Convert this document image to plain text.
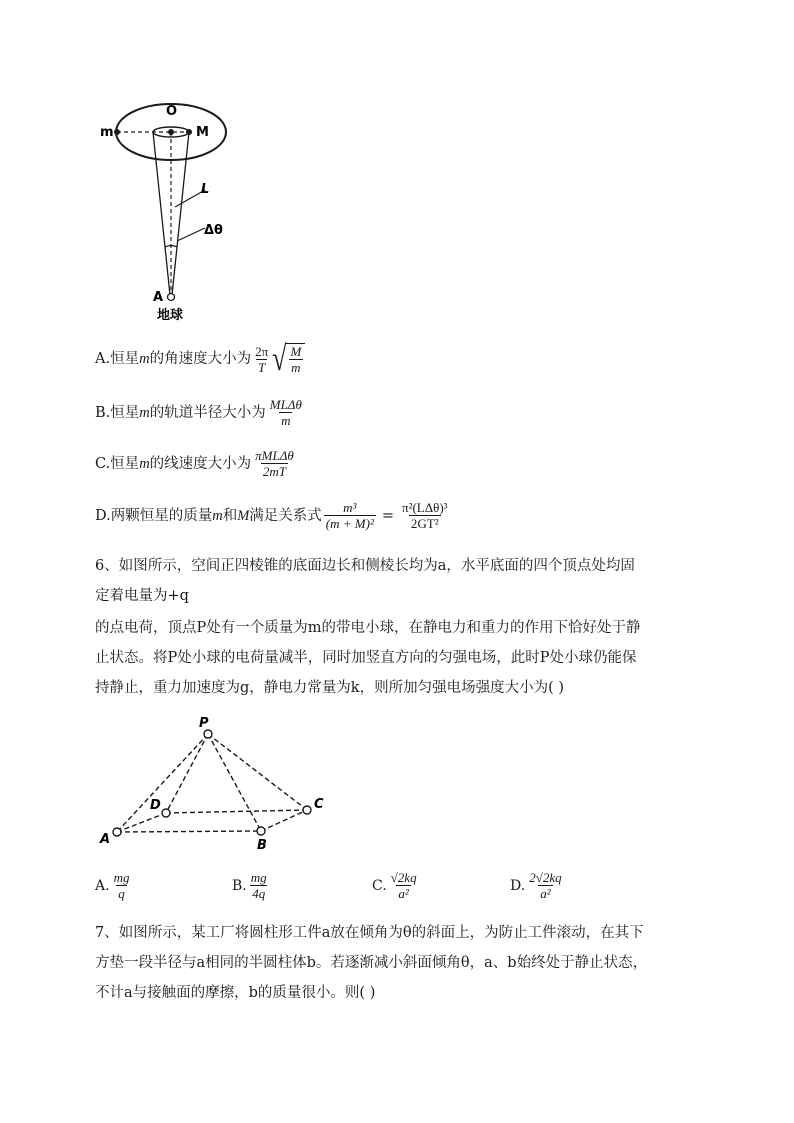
O
m	M
L
Δθ
A
地球
A.恒星 m 的角速度大小为 $\frac{2\pi}{T}$ √ $\frac{M}{m}$
B.恒星 m 的轨道半径大小为 $\frac{\text{MLΔθ}}{m}$
C.恒星 m 的线速度大小为 $\frac{\text{πMLΔθ}}{2mT}$
D.两颗恒星的质量 m 和 M 满足关系式 $\frac{\text{m³}}{\text{(m + M)²}} = \frac{\text{π²(LΔθ)³}}{\text{2GT²}}$
6、如图所示，空间正四棱锥的底面边长和侧棱长均为a，水平底面的四个顶点处均固
定着电量为+q
的点电荷，顶点P处有一个质量为m的带电小球，在静电力和重力的作用下恰好处于静
止状态。将P处小球的电荷量减半，同时加竖直方向的匀强电场，此时P处小球仍能保
持静止，重力加速度为g，静电力常量为k，则所加匀强电场强度大小为( )
P
D	C
A	B
A. $\frac{mg}{q}$	B. $\frac{mg}{4q}$	C. $\frac{√2kq}{\text{a²}}$	D. $\frac{2√2kq}{\text{a²}}$
7、如图所示，某工厂将圆柱形工件a放在倾角为θ的斜面上，为防止工件滚动，在其下
方垫一段半径与a相同的半圆柱体b。若逐渐减小斜面倾角θ，a、b始终处于静止状态，
不计a与接触面的摩擦，b的质量很小。则( )
